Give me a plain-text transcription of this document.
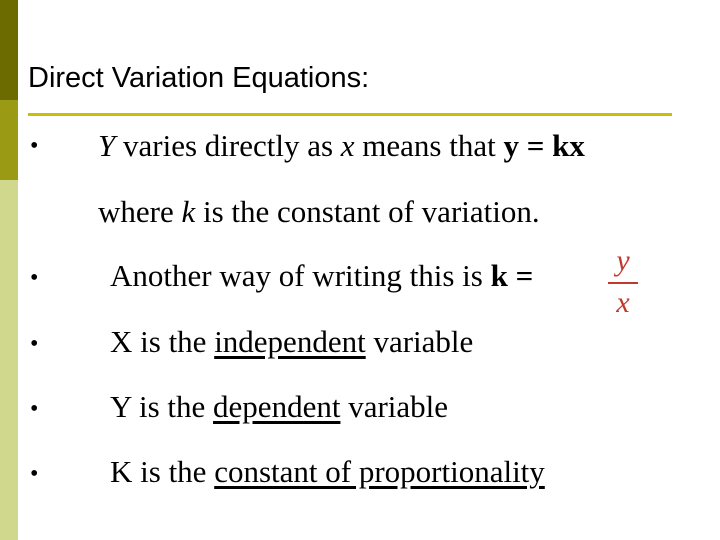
Direct Variation Equations:
• Y varies directly as x means that y = kx
where k is the constant of variation.
• Another way of writing this is k =	y
x
• X is the independent variable
• Y is the dependent variable
• K is the constant of proportionality
